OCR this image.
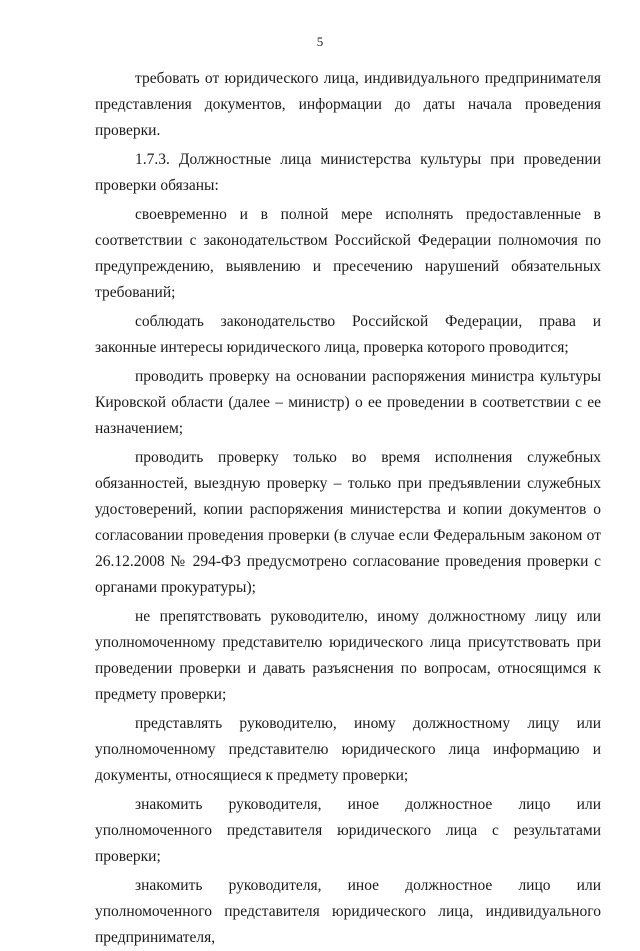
5

требовать от юридического лица, индивидуального предпринимателя представления документов, информации до даты начала проведения проверки.

1.7.3. Должностные лица министерства культуры при проведении проверки обязаны:

своевременно и в полной мере исполнять предоставленные в соответствии с законодательством Российской Федерации полномочия по предупреждению, выявлению и пресечению нарушений обязательных требований;

соблюдать законодательство Российской Федерации, права и законные интересы юридического лица, проверка которого проводится;

проводить проверку на основании распоряжения министра культуры Кировской области (далее – министр) о ее проведении в соответствии с ее назначением;

проводить проверку только во время исполнения служебных обязанностей, выездную проверку – только при предъявлении служебных удостоверений, копии распоряжения министерства и копии документов о согласовании проведения проверки (в случае если Федеральным законом от 26.12.2008 № 294-ФЗ предусмотрено согласование проведения проверки с органами прокуратуры);

не препятствовать руководителю, иному должностному лицу или уполномоченному представителю юридического лица присутствовать при проведении проверки и давать разъяснения по вопросам, относящимся к предмету проверки;

представлять руководителю, иному должностному лицу или уполномоченному представителю юридического лица информацию и документы, относящиеся к предмету проверки;

знакомить руководителя, иное должностное лицо или уполномоченного представителя юридического лица с результатами проверки;

знакомить руководителя, иное должностное лицо или уполномоченного представителя юридического лица, индивидуального предпринимателя,
